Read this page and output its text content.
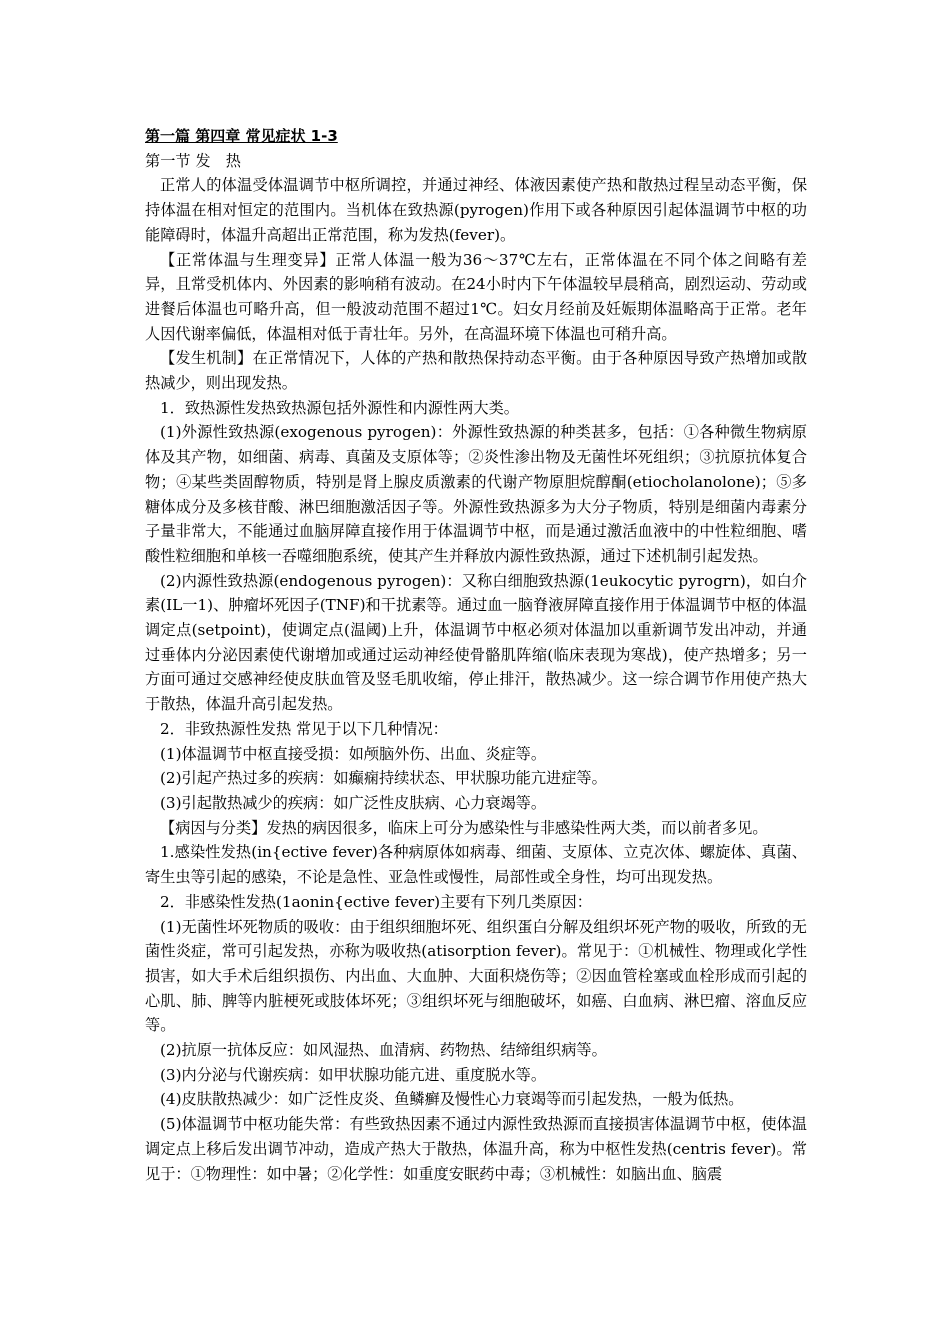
第一篇 第四章 常见症状 1-3

第一节 发　热

正常人的体温受体温调节中枢所调控，并通过神经、体液因素使产热和散热过程呈动态平衡，保持体温在相对恒定的范围内。当机体在致热源(pyrogen)作用下或各种原因引起体温调节中枢的功能障碍时，体温升高超出正常范围，称为发热(fever)。

【正常体温与生理变异】正常人体温一般为36～37℃左右，正常体温在不同个体之间略有差异，且常受机体内、外因素的影响稍有波动。在24小时内下午体温较早晨稍高，剧烈运动、劳动或进餐后体温也可略升高，但一般波动范围不超过1℃。妇女月经前及妊娠期体温略高于正常。老年人因代谢率偏低，体温相对低于青壮年。另外，在高温环境下体温也可稍升高。

【发生机制】在正常情况下，人体的产热和散热保持动态平衡。由于各种原因导致产热增加或散热减少，则出现发热。

1．致热源性发热致热源包括外源性和内源性两大类。

(1)外源性致热源(exogenous pyrogen)：外源性致热源的种类甚多，包括：①各种微生物病原体及其产物，如细菌、病毒、真菌及支原体等；②炎性渗出物及无菌性坏死组织；③抗原抗体复合物；④某些类固醇物质，特别是肾上腺皮质激素的代谢产物原胆烷醇酮(etiocholanolone)；⑤多糖体成分及多核苷酸、淋巴细胞激活因子等。外源性致热源多为大分子物质，特别是细菌内毒素分子量非常大，不能通过血脑屏障直接作用于体温调节中枢，而是通过激活血液中的中性粒细胞、嗜酸性粒细胞和单核一吞噬细胞系统，使其产生并释放内源性致热源，通过下述机制引起发热。

(2)内源性致热源(endogenous pyrogen)：又称白细胞致热源(1eukocytic pyrogrn)，如白介素(IL一1)、肿瘤坏死因子(TNF)和干扰素等。通过血一脑脊液屏障直接作用于体温调节中枢的体温调定点(setpoint)，使调定点(温阈)上升，体温调节中枢必须对体温加以重新调节发出冲动，并通过垂体内分泌因素使代谢增加或通过运动神经使骨骼肌阵缩(临床表现为寒战)，使产热增多；另一方面可通过交感神经使皮肤血管及竖毛肌收缩，停止排汗，散热减少。这一综合调节作用使产热大于散热，体温升高引起发热。

2．非致热源性发热 常见于以下几种情况：

(1)体温调节中枢直接受损：如颅脑外伤、出血、炎症等。

(2)引起产热过多的疾病：如癫痫持续状态、甲状腺功能亢进症等。

(3)引起散热减少的疾病：如广泛性皮肤病、心力衰竭等。

【病因与分类】发热的病因很多，临床上可分为感染性与非感染性两大类，而以前者多见。

1.感染性发热(in{ective fever)各种病原体如病毒、细菌、支原体、立克次体、螺旋体、真菌、寄生虫等引起的感染，不论是急性、亚急性或慢性，局部性或全身性，均可出现发热。

2．非感染性发热(1aonin{ective fever)主要有下列几类原因：

(1)无菌性坏死物质的吸收：由于组织细胞坏死、组织蛋白分解及组织坏死产物的吸收，所致的无菌性炎症，常可引起发热，亦称为吸收热(atisorption fever)。常见于：①机械性、物理或化学性损害，如大手术后组织损伤、内出血、大血肿、大面积烧伤等；②因血管栓塞或血栓形成而引起的心肌、肺、脾等内脏梗死或肢体坏死；③组织坏死与细胞破坏，如癌、白血病、淋巴瘤、溶血反应等。

(2)抗原一抗体反应：如风湿热、血清病、药物热、结缔组织病等。

(3)内分泌与代谢疾病：如甲状腺功能亢进、重度脱水等。

(4)皮肤散热减少：如广泛性皮炎、鱼鳞癣及慢性心力衰竭等而引起发热，一般为低热。

(5)体温调节中枢功能失常：有些致热因素不通过内源性致热源而直接损害体温调节中枢，使体温调定点上移后发出调节冲动，造成产热大于散热，体温升高，称为中枢性发热(centris fever)。常见于：①物理性：如中暑；②化学性：如重度安眠药中毒；③机械性：如脑出血、脑震
